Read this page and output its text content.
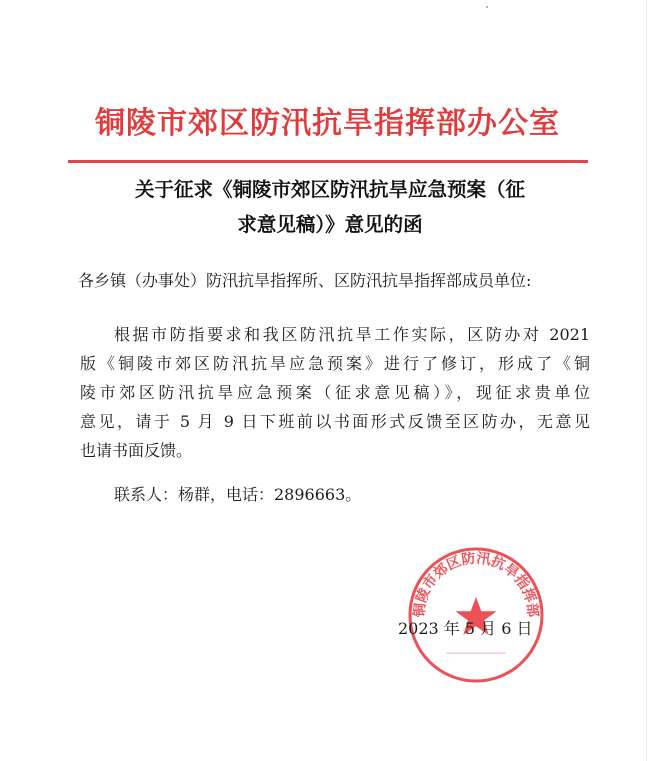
铜陵市郊区防汛抗旱指挥部办公室
关于征求《铜陵市郊区防汛抗旱应急预案（征
求意见稿）》意见的函
各乡镇（办事处）防汛抗旱指挥所、区防汛抗旱指挥部成员单位:
根据市防指要求和我区防汛抗旱工作实际，区防办对 2021
版《铜陵市郊区防汛抗旱应急预案》进行了修订，形成了《铜
陵市郊区防汛抗旱应急预案（征求意见稿）》，现征求贵单位
意见，请于 5 月 9 日下班前以书面形式反馈至区防办，无意见
也请书面反馈。
联系人：杨群，电话：2896663。
铜陵市郊区防汛抗旱指挥部
2023 年 5 月 6 日
